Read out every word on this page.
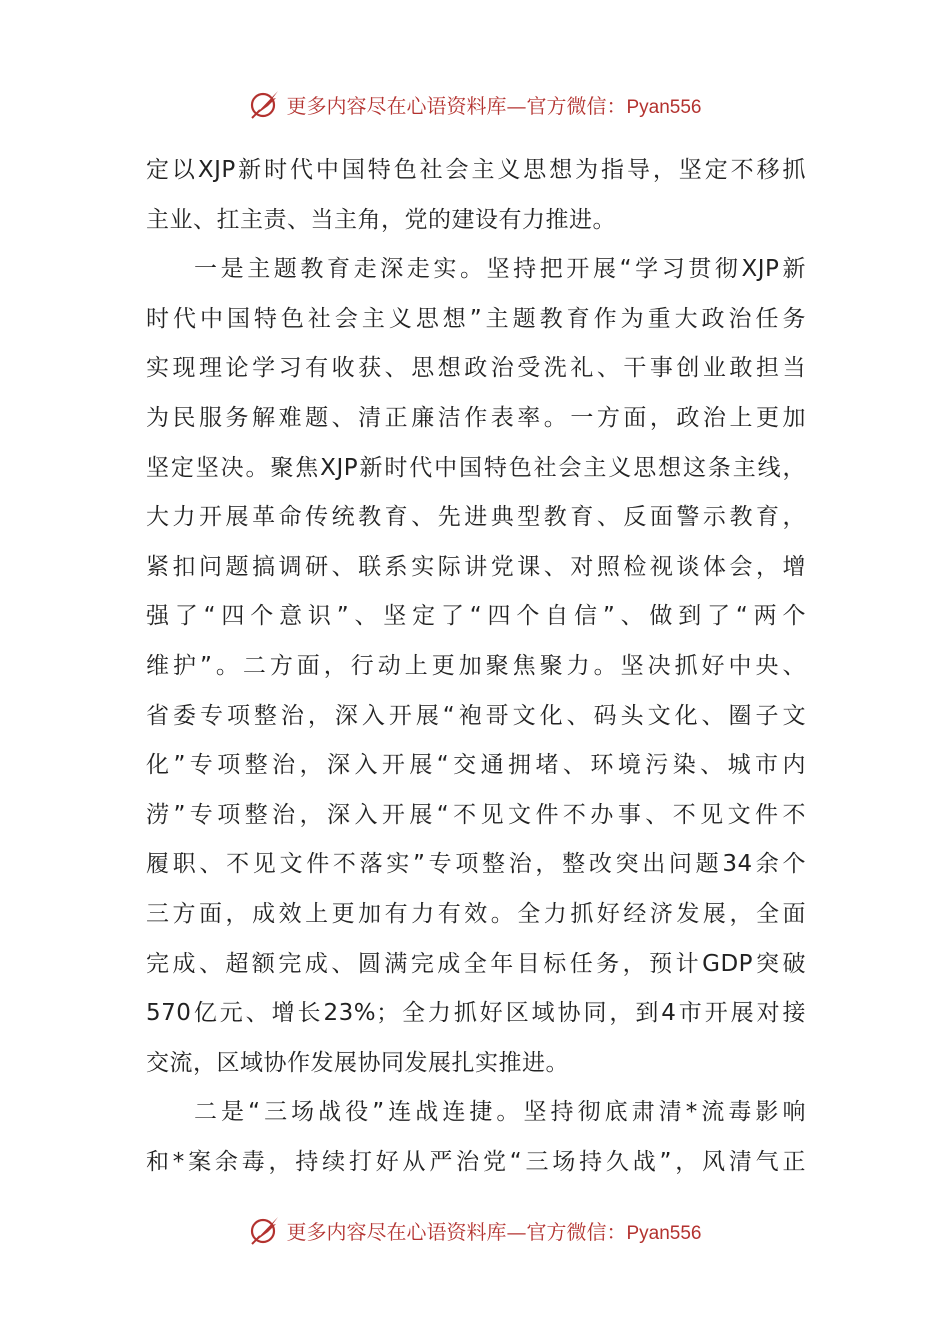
更多内容尽在心语资料库—官方微信：Pyan556
定以XJP新时代中国特色社会主义思想为指导，坚定不移抓
主业、扛主责、当主角，党的建设有力推进。
一是主题教育走深走实。坚持把开展“学习贯彻XJP新
时代中国特色社会主义思想”主题教育作为重大政治任务
实现理论学习有收获、思想政治受洗礼、干事创业敢担当
为民服务解难题、清正廉洁作表率。一方面，政治上更加
坚定坚决。聚焦XJP新时代中国特色社会主义思想这条主线，
大力开展革命传统教育、先进典型教育、反面警示教育，
紧扣问题搞调研、联系实际讲党课、对照检视谈体会，增
强了“四个意识”、坚定了“四个自信”、做到了“两个
维护”。二方面，行动上更加聚焦聚力。坚决抓好中央、
省委专项整治，深入开展“袍哥文化、码头文化、圈子文
化”专项整治，深入开展“交通拥堵、环境污染、城市内
涝”专项整治，深入开展“不见文件不办事、不见文件不
履职、不见文件不落实”专项整治，整改突出问题34余个
三方面，成效上更加有力有效。全力抓好经济发展，全面
完成、超额完成、圆满完成全年目标任务，预计GDP突破
570亿元、增长23%；全力抓好区域协同，到4市开展对接
交流，区域协作发展协同发展扎实推进。
二是“三场战役”连战连捷。坚持彻底肃清*流毒影响
和*案余毒，持续打好从严治党“三场持久战”，风清气正
更多内容尽在心语资料库—官方微信：Pyan556
